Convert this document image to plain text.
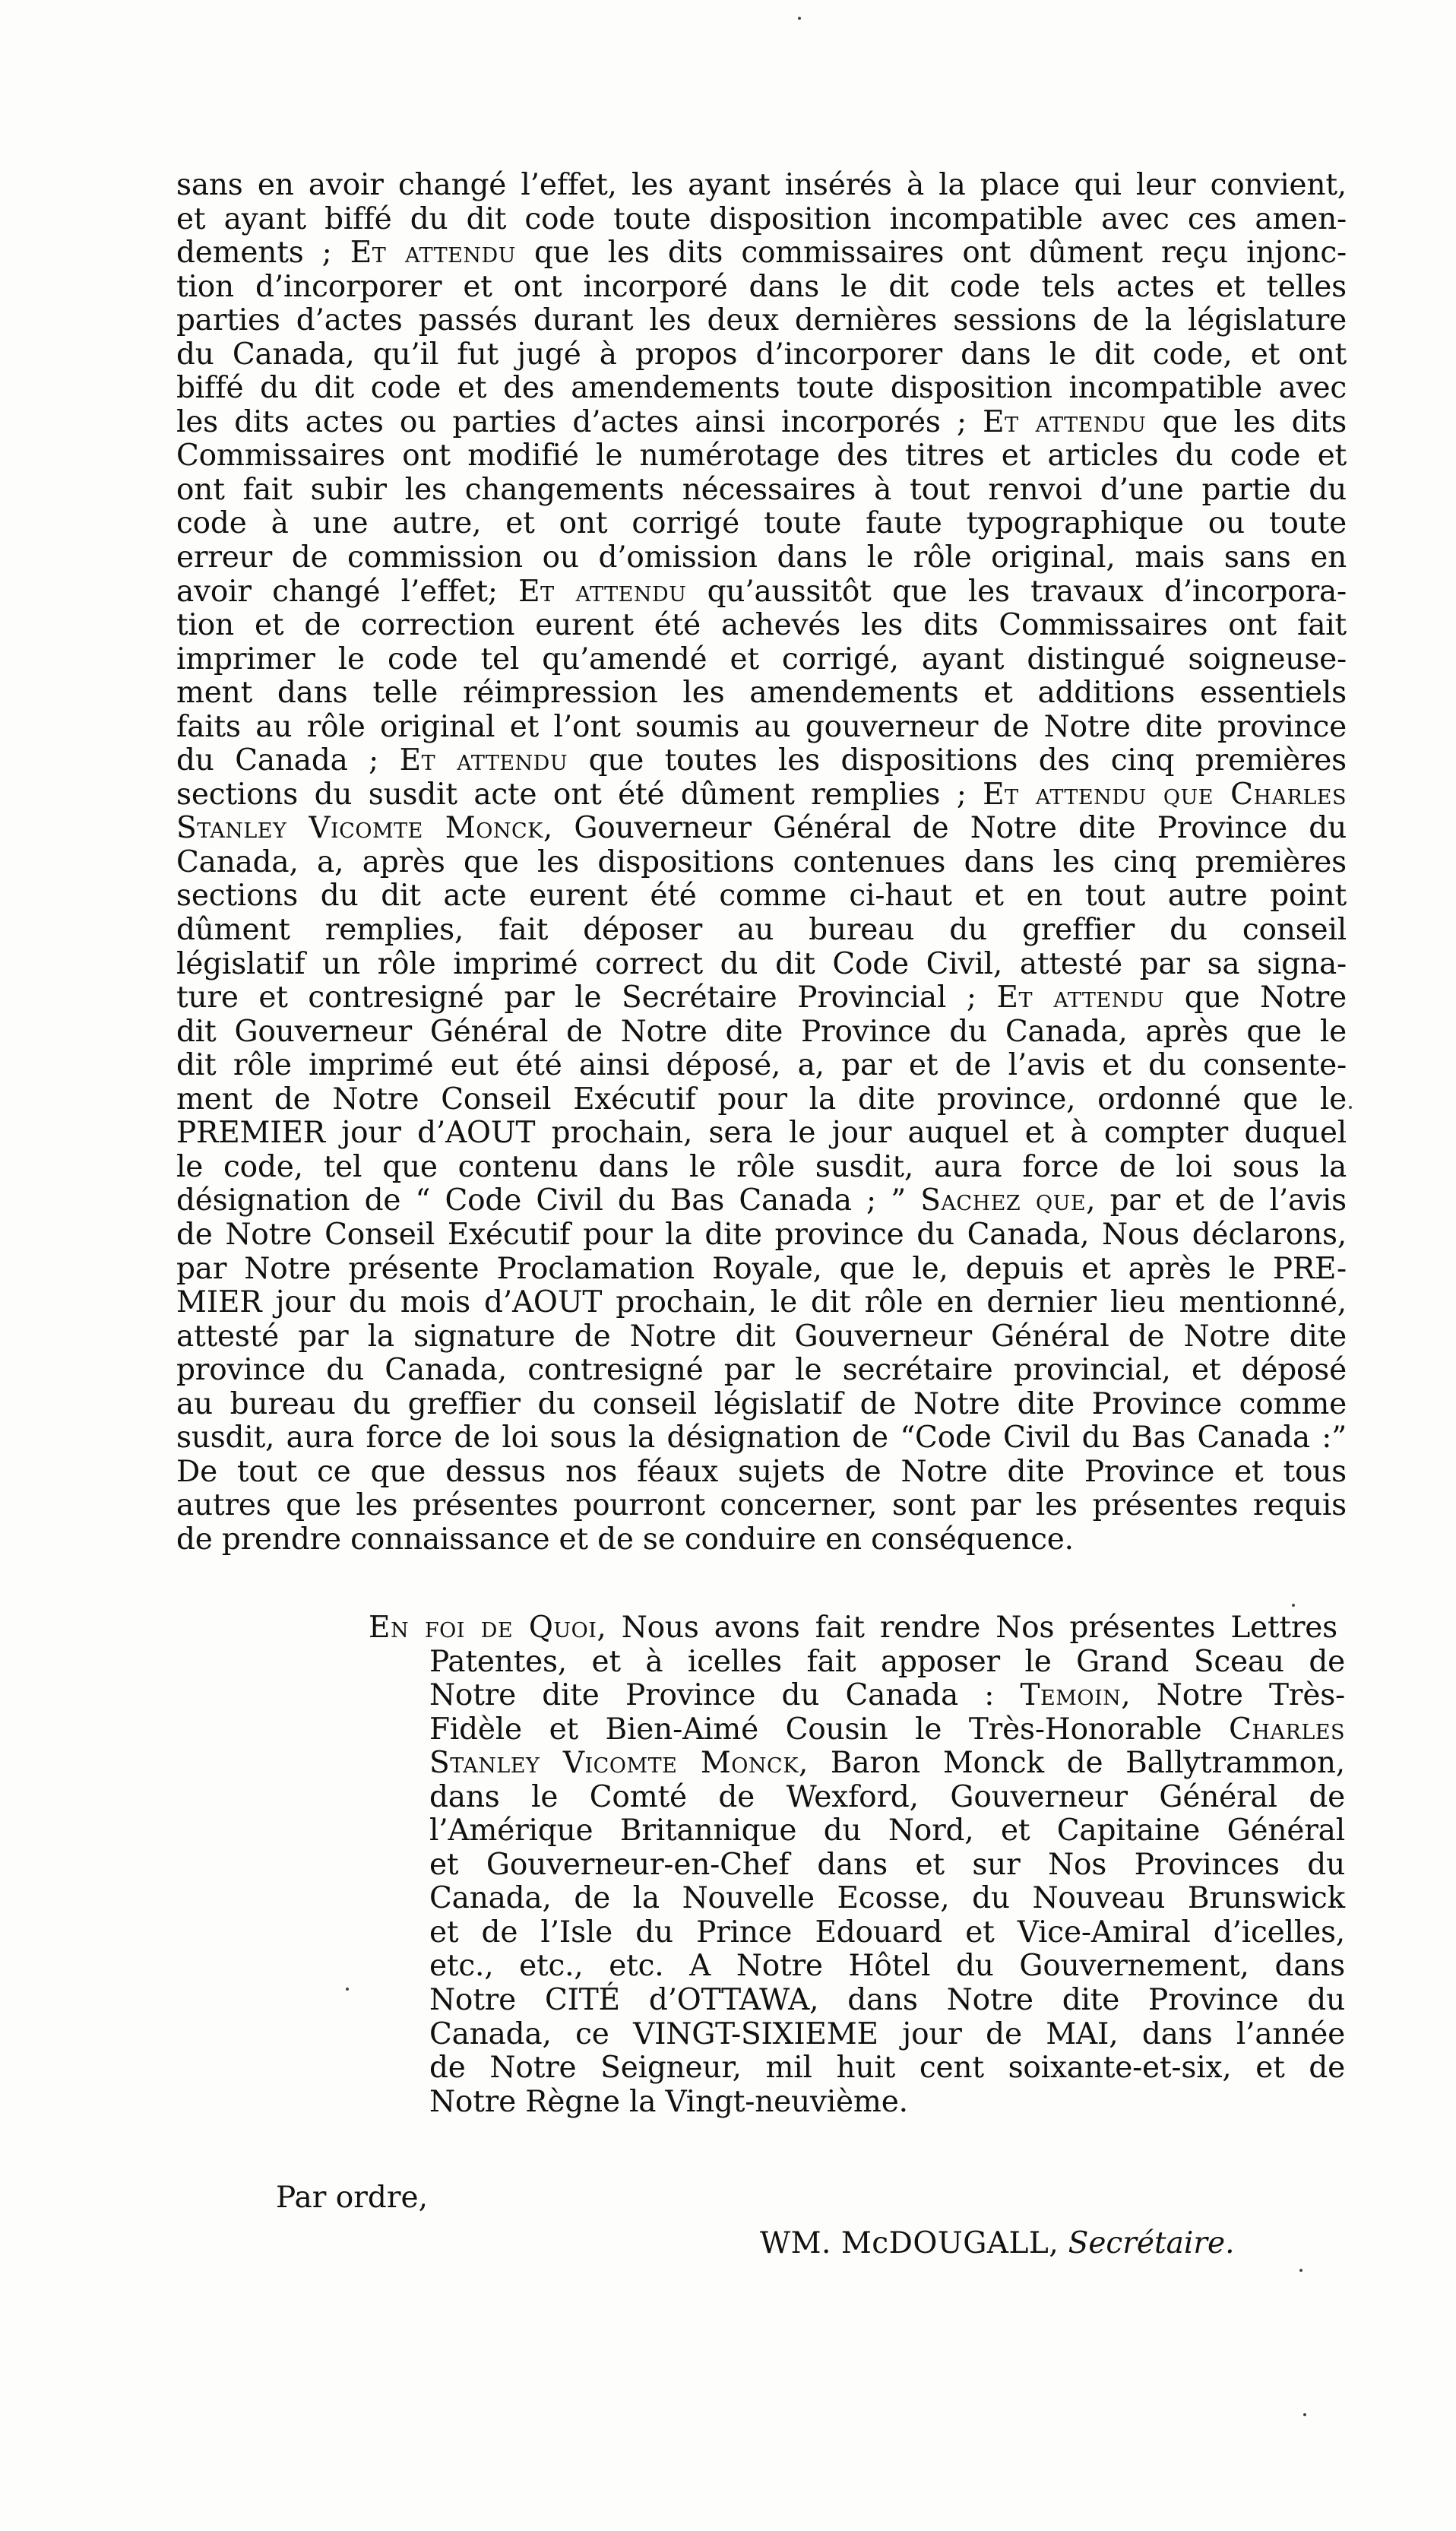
sans en avoir changé l’effet, les ayant insérés à la place qui leur convient,
et ayant biffé du dit code toute disposition incompatible avec ces amen-
dements ; Et attendu que les dits commissaires ont dûment reçu injonc-
tion d’incorporer et ont incorporé dans le dit code tels actes et telles
parties d’actes passés durant les deux dernières sessions de la législature
du Canada, qu’il fut jugé à propos d’incorporer dans le dit code, et ont
biffé du dit code et des amendements toute disposition incompatible avec
les dits actes ou parties d’actes ainsi incorporés ; Et attendu que les dits
Commissaires ont modifié le numérotage des titres et articles du code et
ont fait subir les changements nécessaires à tout renvoi d’une partie du
code à une autre, et ont corrigé toute faute typographique ou toute
erreur de commission ou d’omission dans le rôle original, mais sans en
avoir changé l’effet; Et attendu qu’aussitôt que les travaux d’incorpora-
tion et de correction eurent été achevés les dits Commissaires ont fait
imprimer le code tel qu’amendé et corrigé, ayant distingué soigneuse-
ment dans telle réimpression les amendements et additions essentiels
faits au rôle original et l’ont soumis au gouverneur de Notre dite province
du Canada ; Et attendu que toutes les dispositions des cinq premières
sections du susdit acte ont été dûment remplies ; Et attendu que Charles
Stanley Vicomte Monck, Gouverneur Général de Notre dite Province du
Canada, a, après que les dispositions contenues dans les cinq premières
sections du dit acte eurent été comme ci-haut et en tout autre point
dûment remplies, fait déposer au bureau du greffier du conseil
législatif un rôle imprimé correct du dit Code Civil, attesté par sa signa-
ture et contresigné par le Secrétaire Provincial ; Et attendu que Notre
dit Gouverneur Général de Notre dite Province du Canada, après que le
dit rôle imprimé eut été ainsi déposé, a, par et de l’avis et du consente-
ment de Notre Conseil Exécutif pour la dite province, ordonné que le
PREMIER jour d’AOUT prochain, sera le jour auquel et à compter duquel
le code, tel que contenu dans le rôle susdit, aura force de loi sous la
désignation de “ Code Civil du Bas Canada ; ” Sachez que, par et de l’avis
de Notre Conseil Exécutif pour la dite province du Canada, Nous déclarons,
par Notre présente Proclamation Royale, que le, depuis et après le PRE-
MIER jour du mois d’AOUT prochain, le dit rôle en dernier lieu mentionné,
attesté par la signature de Notre dit Gouverneur Général de Notre dite
province du Canada, contresigné par le secrétaire provincial, et déposé
au bureau du greffier du conseil législatif de Notre dite Province comme
susdit, aura force de loi sous la désignation de “Code Civil du Bas Canada :”
De tout ce que dessus nos féaux sujets de Notre dite Province et tous
autres que les présentes pourront concerner, sont par les présentes requis
de prendre connaissance et de se conduire en conséquence.
En foi de Quoi, Nous avons fait rendre Nos présentes Lettres
Patentes, et à icelles fait apposer le Grand Sceau de
Notre dite Province du Canada : Temoin, Notre Très-
Fidèle et Bien-Aimé Cousin le Très-Honorable Charles
Stanley Vicomte Monck, Baron Monck de Ballytrammon,
dans le Comté de Wexford, Gouverneur Général de
l’Amérique Britannique du Nord, et Capitaine Général
et Gouverneur-en-Chef dans et sur Nos Provinces du
Canada, de la Nouvelle Ecosse, du Nouveau Brunswick
et de l’Isle du Prince Edouard et Vice-Amiral d’icelles,
etc., etc., etc. A Notre Hôtel du Gouvernement, dans
Notre CITÉ d’OTTAWA, dans Notre dite Province du
Canada, ce VINGT-SIXIEME jour de MAI, dans l’année
de Notre Seigneur, mil huit cent soixante-et-six, et de
Notre Règne la Vingt-neuvième.
Par ordre,
WM. McDOUGALL, Secrétaire.
